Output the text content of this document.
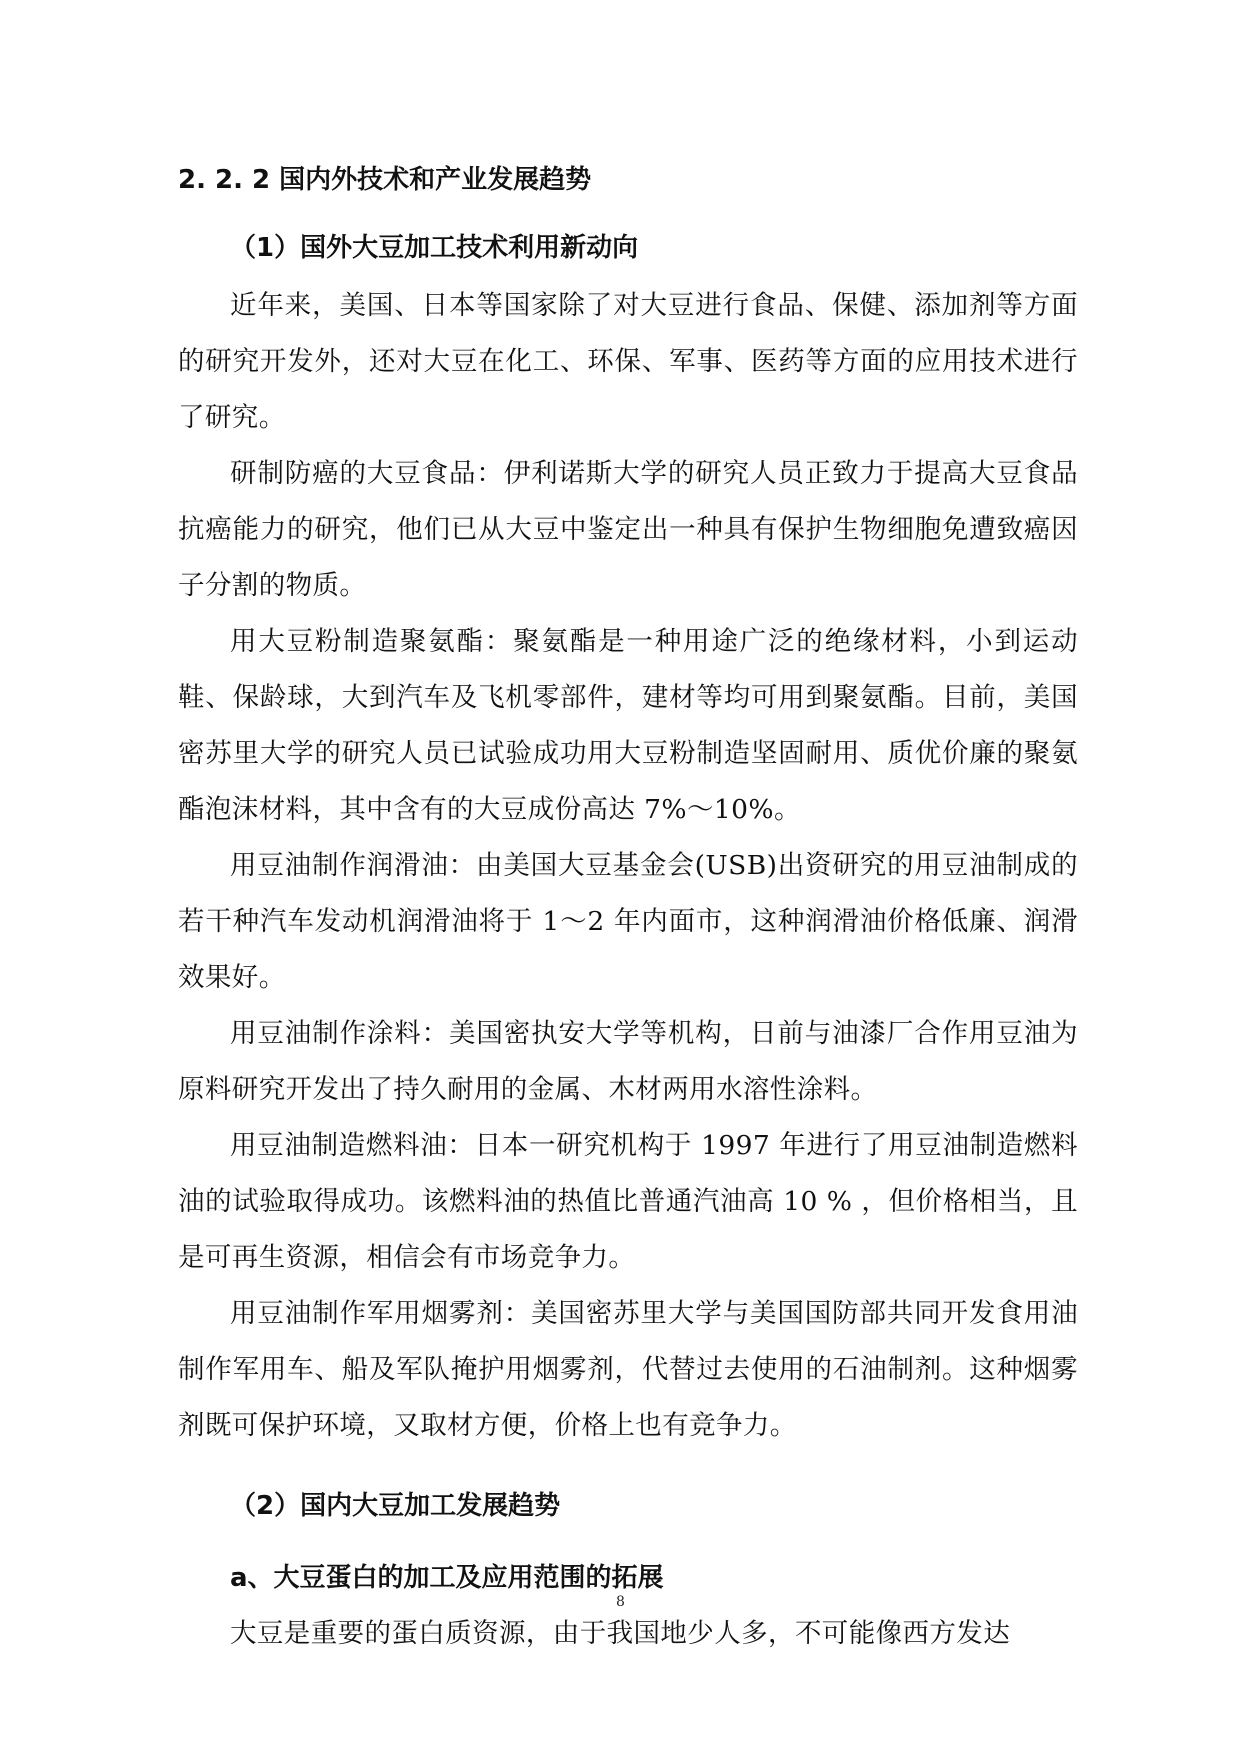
2. 2. 2 国内外技术和产业发展趋势
（1）国外大豆加工技术利用新动向

近年来，美国、日本等国家除了对大豆进行食品、保健、添加剂等方面的研究开发外，还对大豆在化工、环保、军事、医药等方面的应用技术进行了研究。

研制防癌的大豆食品：伊利诺斯大学的研究人员正致力于提高大豆食品抗癌能力的研究，他们已从大豆中鉴定出一种具有保护生物细胞免遭致癌因子分割的物质。

用大豆粉制造聚氨酯：聚氨酯是一种用途广泛的绝缘材料，小到运动鞋、保龄球，大到汽车及飞机零部件，建材等均可用到聚氨酯。目前，美国密苏里大学的研究人员已试验成功用大豆粉制造坚固耐用、质优价廉的聚氨酯泡沫材料，其中含有的大豆成份高达 7%～10%。

用豆油制作润滑油：由美国大豆基金会(USB)出资研究的用豆油制成的若干种汽车发动机润滑油将于 1～2 年内面市，这种润滑油价格低廉、润滑效果好。

用豆油制作涂料：美国密执安大学等机构，日前与油漆厂合作用豆油为原料研究开发出了持久耐用的金属、木材两用水溶性涂料。

用豆油制造燃料油：日本一研究机构于 1997 年进行了用豆油制造燃料油的试验取得成功。该燃料油的热值比普通汽油高 10 % ，但价格相当，且是可再生资源，相信会有市场竞争力。

用豆油制作军用烟雾剂：美国密苏里大学与美国国防部共同开发食用油制作军用车、船及军队掩护用烟雾剂，代替过去使用的石油制剂。这种烟雾剂既可保护环境，又取材方便，价格上也有竞争力。

（2）国内大豆加工发展趋势
a、大豆蛋白的加工及应用范围的拓展

大豆是重要的蛋白质资源，由于我国地少人多，不可能像西方发达

8
